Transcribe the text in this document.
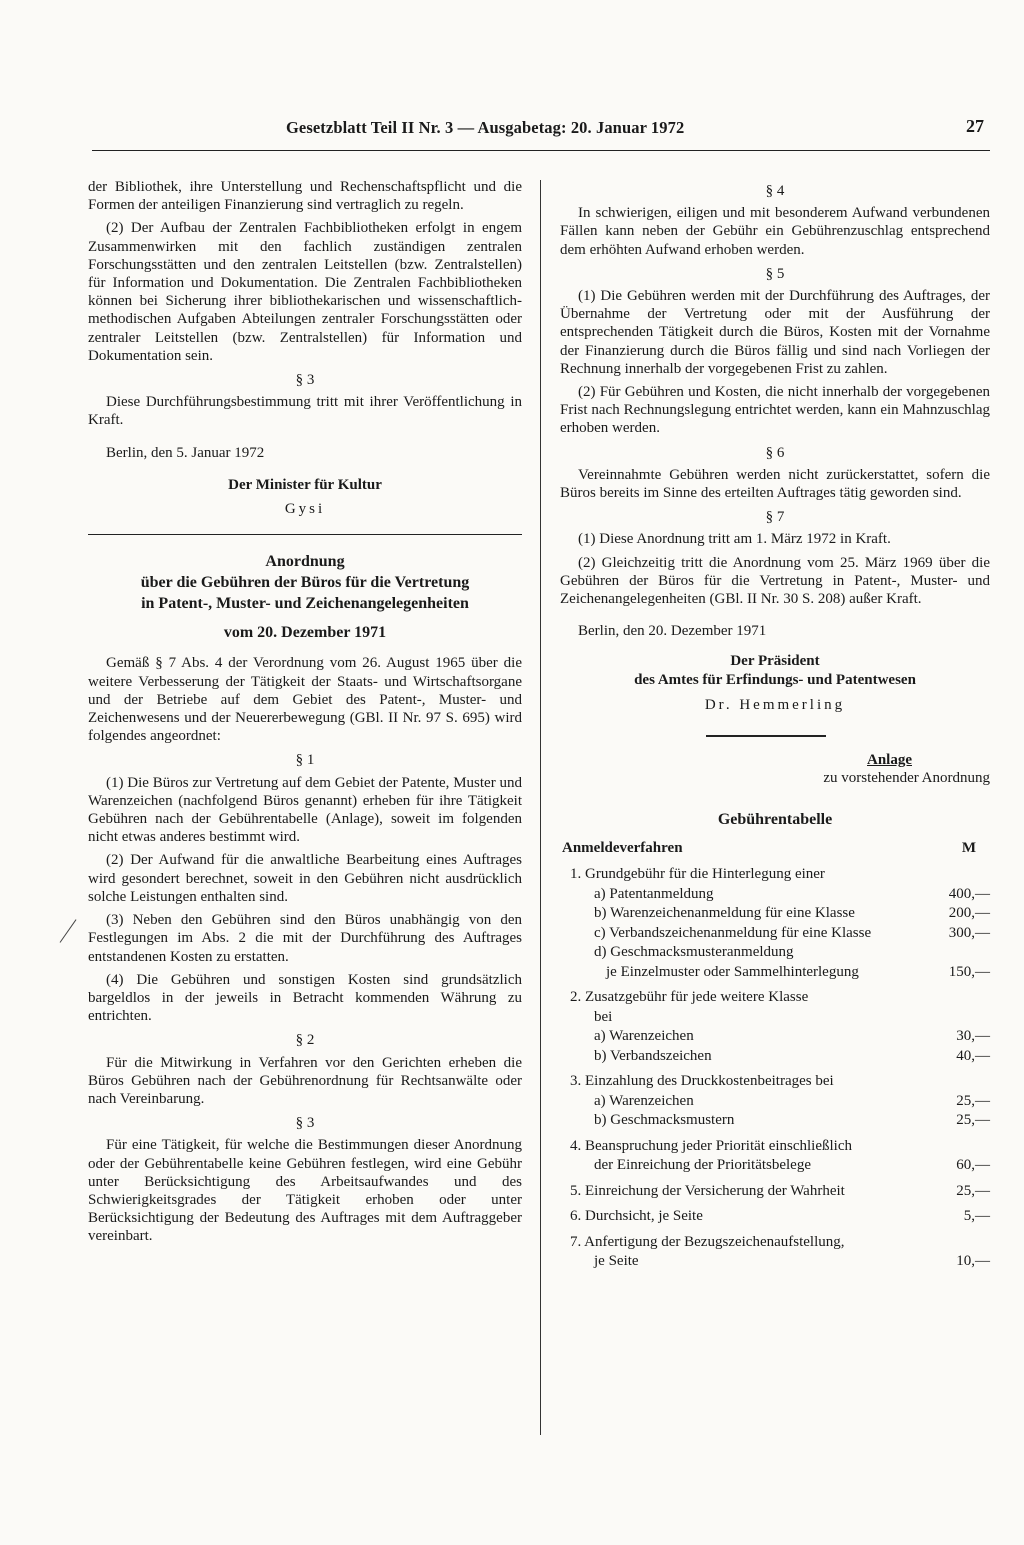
Gesetzblatt Teil II Nr. 3 — Ausgabetag: 20. Januar 1972	27

der Bibliothek, ihre Unterstellung und Rechenschaftspflicht und die Formen der anteiligen Finanzierung sind vertraglich zu regeln.

(2) Der Aufbau der Zentralen Fachbibliotheken erfolgt in engem Zusammenwirken mit den fachlich zuständigen zentralen Forschungsstätten und den zentralen Leitstellen (bzw. Zentralstellen) für Information und Dokumentation. Die Zentralen Fachbibliotheken können bei Sicherung ihrer bibliothekarischen und wissenschaftlich-methodischen Aufgaben Abteilungen zentraler Forschungsstätten oder zentraler Leitstellen (bzw. Zentralstellen) für Information und Dokumentation sein.

§ 3

Diese Durchführungsbestimmung tritt mit ihrer Veröffentlichung in Kraft.

Berlin, den 5. Januar 1972

Der Minister für Kultur

Gysi

Anordnung
über die Gebühren der Büros für die Vertretung
in Patent-, Muster- und Zeichenangelegenheiten
vom 20. Dezember 1971

Gemäß § 7 Abs. 4 der Verordnung vom 26. August 1965 über die weitere Verbesserung der Tätigkeit der Staats- und Wirtschaftsorgane und der Betriebe auf dem Gebiet des Patent-, Muster- und Zeichenwesens und der Neuererbewegung (GBl. II Nr. 97 S. 695) wird folgendes angeordnet:

§ 1

(1) Die Büros zur Vertretung auf dem Gebiet der Patente, Muster und Warenzeichen (nachfolgend Büros genannt) erheben für ihre Tätigkeit Gebühren nach der Gebührentabelle (Anlage), soweit im folgenden nicht etwas anderes bestimmt wird.

(2) Der Aufwand für die anwaltliche Bearbeitung eines Auftrages wird gesondert berechnet, soweit in den Gebühren nicht ausdrücklich solche Leistungen enthalten sind.

(3) Neben den Gebühren sind den Büros unabhängig von den Festlegungen im Abs. 2 die mit der Durchführung des Auftrages entstandenen Kosten zu erstatten.

(4) Die Gebühren und sonstigen Kosten sind grundsätzlich bargeldlos in der jeweils in Betracht kommenden Währung zu entrichten.

§ 2

Für die Mitwirkung in Verfahren vor den Gerichten erheben die Büros Gebühren nach der Gebührenordnung für Rechtsanwälte oder nach Vereinbarung.

§ 3

Für eine Tätigkeit, für welche die Bestimmungen dieser Anordnung oder der Gebührentabelle keine Gebühren festlegen, wird eine Gebühr unter Berücksichtigung des Arbeitsaufwandes und des Schwierigkeitsgrades der Tätigkeit erhoben oder unter Berücksichtigung der Bedeutung des Auftrages mit dem Auftraggeber vereinbart.

§ 4

In schwierigen, eiligen und mit besonderem Aufwand verbundenen Fällen kann neben der Gebühr ein Gebührenzuschlag entsprechend dem erhöhten Aufwand erhoben werden.

§ 5

(1) Die Gebühren werden mit der Durchführung des Auftrages, der Übernahme der Vertretung oder mit der Ausführung der entsprechenden Tätigkeit durch die Büros, Kosten mit der Vornahme der Finanzierung durch die Büros fällig und sind nach Vorliegen der Rechnung innerhalb der vorgegebenen Frist zu zahlen.

(2) Für Gebühren und Kosten, die nicht innerhalb der vorgegebenen Frist nach Rechnungslegung entrichtet werden, kann ein Mahnzuschlag erhoben werden.

§ 6

Vereinnahmte Gebühren werden nicht zurückerstattet, sofern die Büros bereits im Sinne des erteilten Auftrages tätig geworden sind.

§ 7

(1) Diese Anordnung tritt am 1. März 1972 in Kraft.

(2) Gleichzeitig tritt die Anordnung vom 25. März 1969 über die Gebühren der Büros für die Vertretung in Patent-, Muster- und Zeichenangelegenheiten (GBl. II Nr. 30 S. 208) außer Kraft.

Berlin, den 20. Dezember 1971

Der Präsident
des Amtes für Erfindungs- und Patentwesen

Dr. Hemmerling

Anlage
zu vorstehender Anordnung
Gebührentabelle
Anmeldeverfahren	M
1. Grundgebühr für die Hinterlegung einer
a) Patentanmeldung	400,—
b) Warenzeichenanmeldung für eine Klasse	200,—
c) Verbandszeichenanmeldung für eine Klasse	300,—
d) Geschmacksmusteranmeldung
je Einzelmuster oder Sammelhinterlegung	150,—
2. Zusatzgebühr für jede weitere Klasse
bei
a) Warenzeichen	30,—
b) Verbandszeichen	40,—
3. Einzahlung des Druckkostenbeitrages bei
a) Warenzeichen	25,—
b) Geschmacksmustern	25,—
4. Beanspruchung jeder Priorität einschließlich
der Einreichung der Prioritätsbelege	60,—
5. Einreichung der Versicherung der Wahrheit	25,—
6. Durchsicht, je Seite	5,—
7. Anfertigung der Bezugszeichenaufstellung,
je Seite	10,—
